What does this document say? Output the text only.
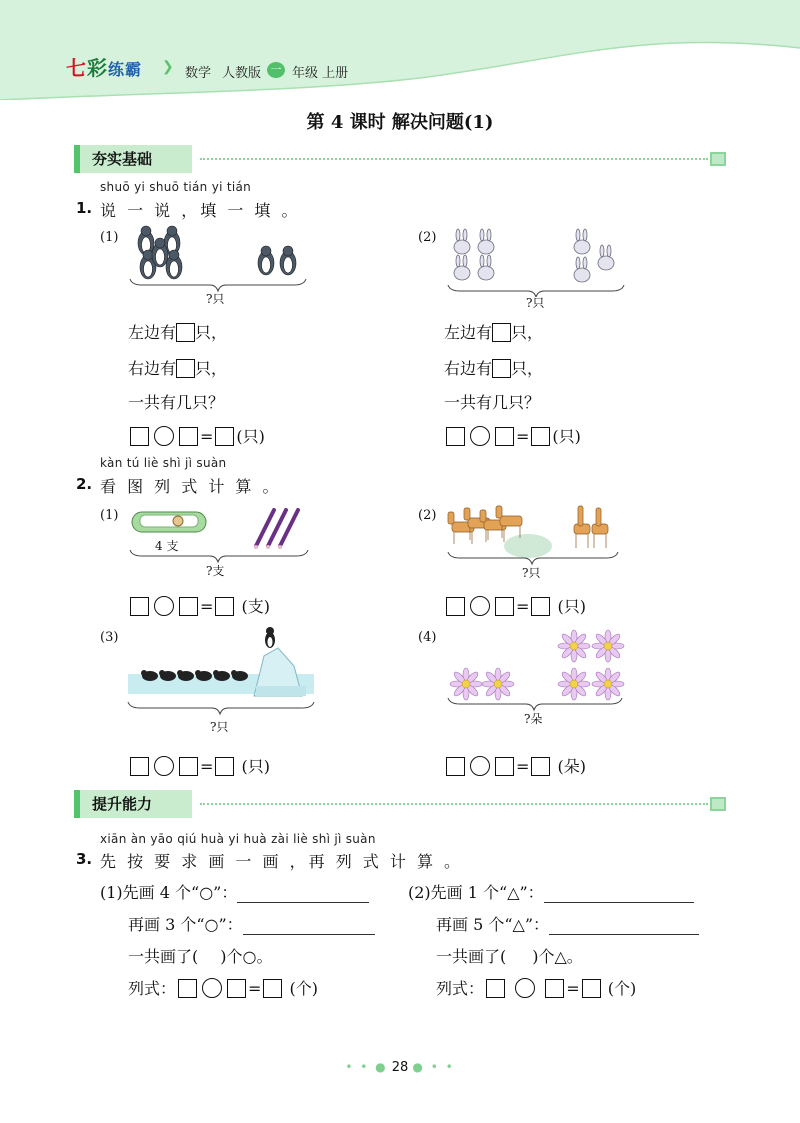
七彩练霸 ❯ 数学 人教版 一 年级 上册
第 4 课时 解决问题(1)
夯实基础
shuō yi shuō tián yi tián
1. 说 一 说 ，填 一 填 。
(1)
?只
左边有 只，
右边有 只，
一共有几只？
= (只)
(2)
?只
左边有 只，
右边有 只，
一共有几只？
= (只)
kàn tú liè shì jì suàn
2. 看 图 列 式 计 算 。
(1)
4 支
?支
= (支)
(2)
?只
= (只)
(3)
?只
= (只)
(4)
?朵
= (朵)
提升能力
xiān àn yāo qiú huà yi huà zài liè shì jì suàn
3. 先 按 要 求 画 一 画 ，再 列 式 计 算 。
(1)先画 4 个“○”：
再画 3 个“○”：
一共画了( )个○。
列式：	= (个)
(2)先画 1 个“△”：
再画 5 个“△”：
一共画了( )个△。
列式：	= (个)
• • ● 28 ● • •
